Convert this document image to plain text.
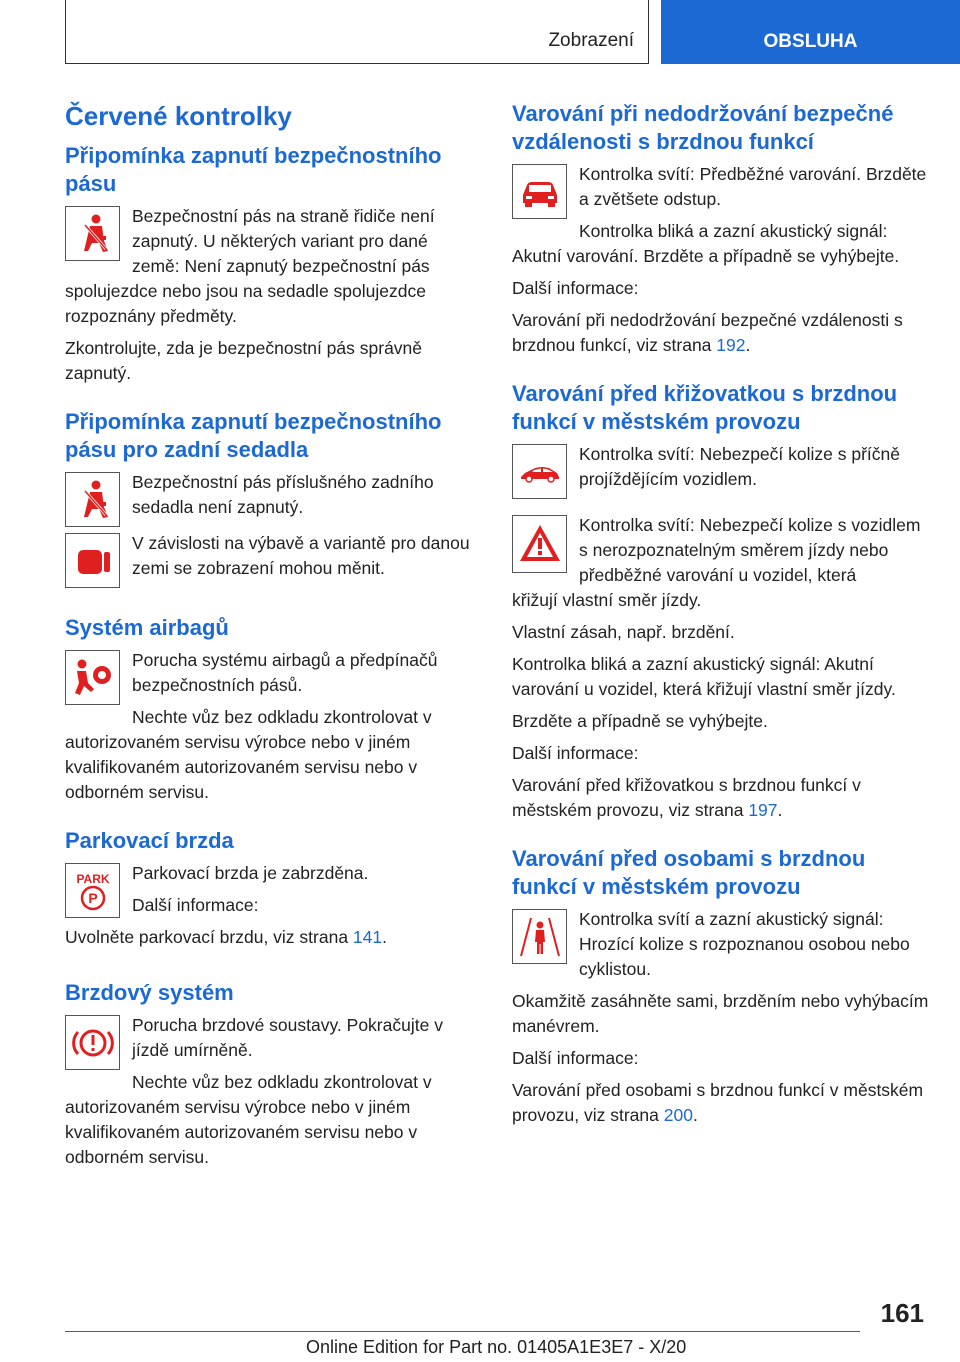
Zobrazení	OBSLUHA
Červené kontrolky
Připomínka zapnutí bezpečnostního pásu

Bezpečnostní pás na straně řidiče není zapnutý. U některých variant pro dané země: Není zapnutý bezpečnostní pás

spolujezdce nebo jsou na sedadle spolujezdce rozpoznány předměty.

Zkontrolujte, zda je bezpečnostní pás správně zapnutý.

Připomínka zapnutí bezpečnostního pásu pro zadní sedadla

Bezpečnostní pás příslušného zadního sedadla není zapnutý.

V závislosti na výbavě a variantě pro danou zemi se zobrazení mohou měnit.

Systém airbagů

Porucha systému airbagů a předpínačů bezpečnostních pásů.

Nechte vůz bez odkladu zkontrolovat v

autorizovaném servisu výrobce nebo v jiném kvalifikovaném autorizovaném servisu nebo v odborném servisu.

Parkovací brzda
PARK
P

Parkovací brzda je zabrzděna.

Další informace:

Uvolněte parkovací brzdu, viz strana 141.

Brzdový systém

Porucha brzdové soustavy. Pokračujte v jízdě umírněně.

Nechte vůz bez odkladu zkontrolovat v

autorizovaném servisu výrobce nebo v jiném kvalifikovaném autorizovaném servisu nebo v odborném servisu.

Varování při nedodržování bezpečné vzdálenosti s brzdnou funkcí

Kontrolka svítí: Předběžné varování. Brzděte a zvětšete odstup.

Kontrolka bliká a zazní akustický signál:

Akutní varování. Brzděte a případně se vyhýbejte.

Další informace:

Varování při nedodržování bezpečné vzdálenosti s brzdnou funkcí, viz strana 192.

Varování před křižovatkou s brzdnou funkcí v městském provozu

Kontrolka svítí: Nebezpečí kolize s příčně projíždějícím vozidlem.

Kontrolka svítí: Nebezpečí kolize s vozidlem s nerozpoznatelným směrem jízdy nebo předběžné varování u vozidel, která

křižují vlastní směr jízdy.

Vlastní zásah, např. brzdění.

Kontrolka bliká a zazní akustický signál: Akutní varování u vozidel, která křižují vlastní směr jízdy.

Brzděte a případně se vyhýbejte.

Další informace:

Varování před křižovatkou s brzdnou funkcí v městském provozu, viz strana 197.

Varování před osobami s brzdnou funkcí v městském provozu

Kontrolka svítí a zazní akustický signál: Hrozící kolize s rozpoznanou osobou nebo cyklistou.

Okamžitě zasáhněte sami, brzděním nebo vyhýbacím manévrem.

Další informace:

Varování před osobami s brzdnou funkcí v městském provozu, viz strana 200.

161
Online Edition for Part no. 01405A1E3E7 - X/20
